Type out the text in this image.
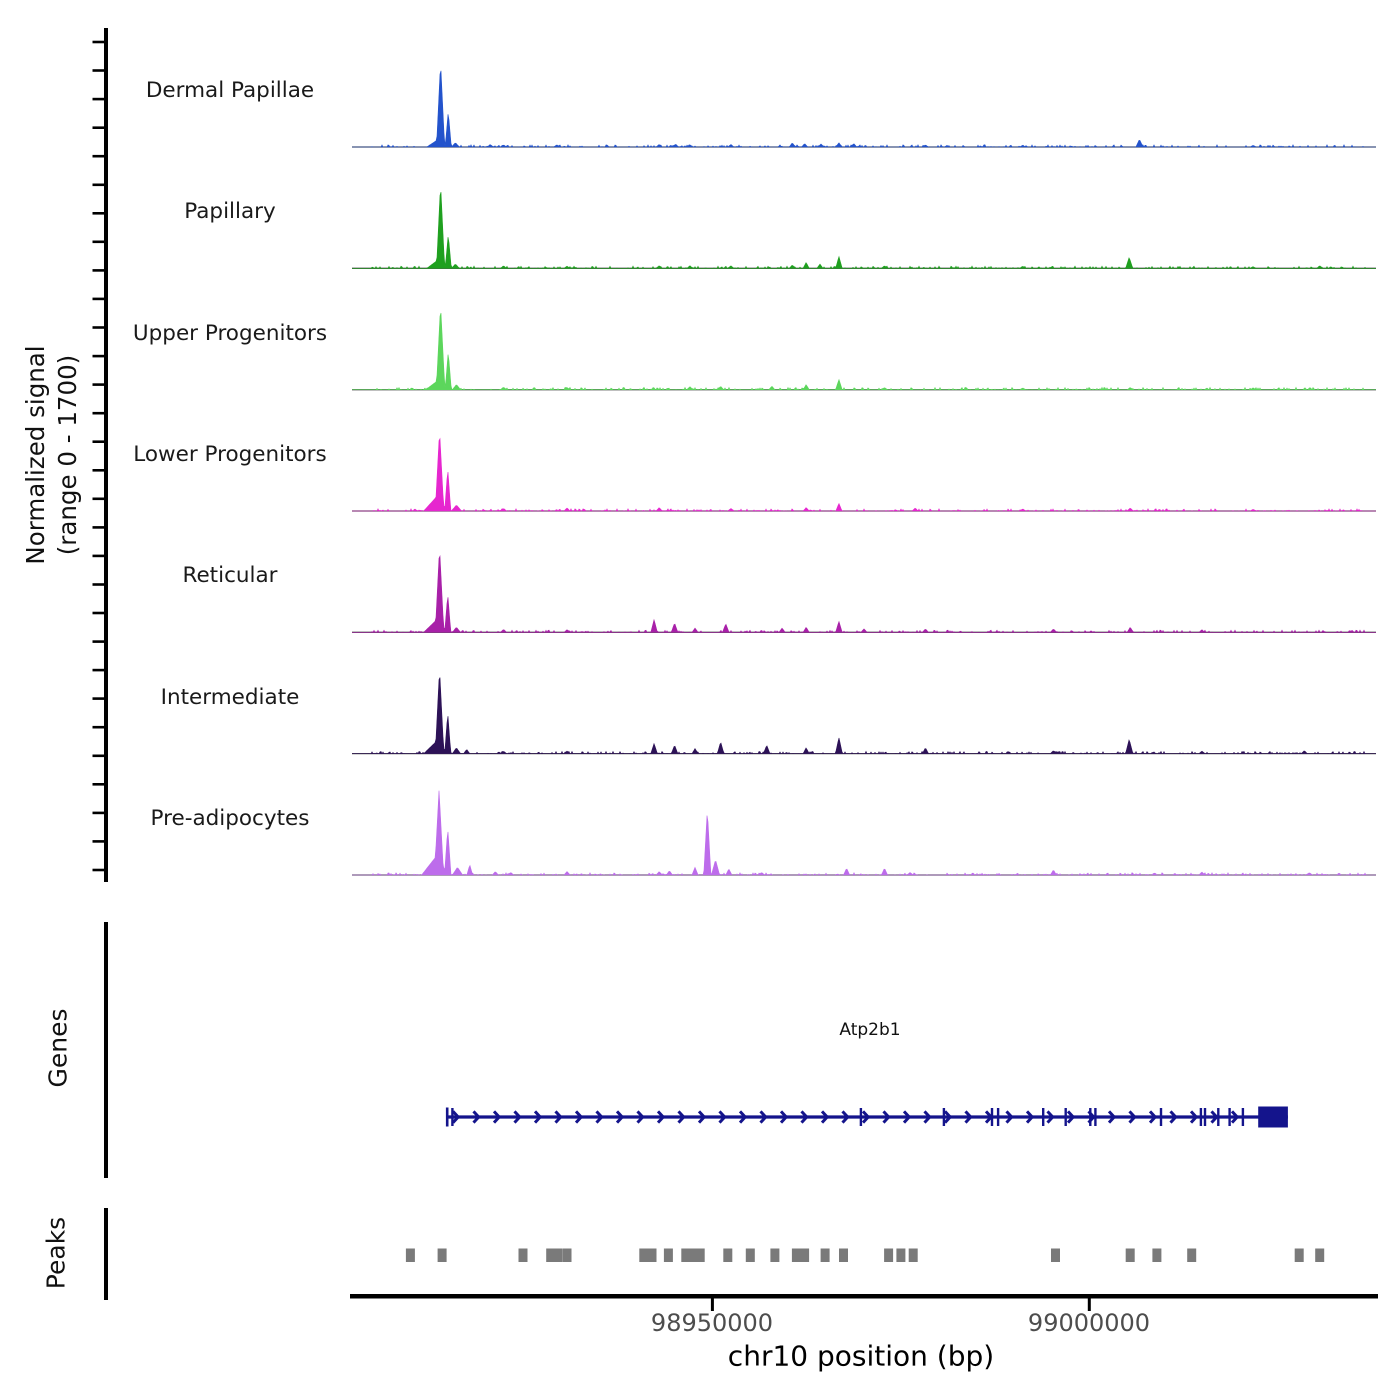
Normalized signal (range 0 - 1700)
Genes
Peaks
Dermal Papillae
Papillary
Upper Progenitors
Lower Progenitors
Reticular
Intermediate
Pre-adipocytes
Atp2b1
98950000	99000000
chr10 position (bp)
